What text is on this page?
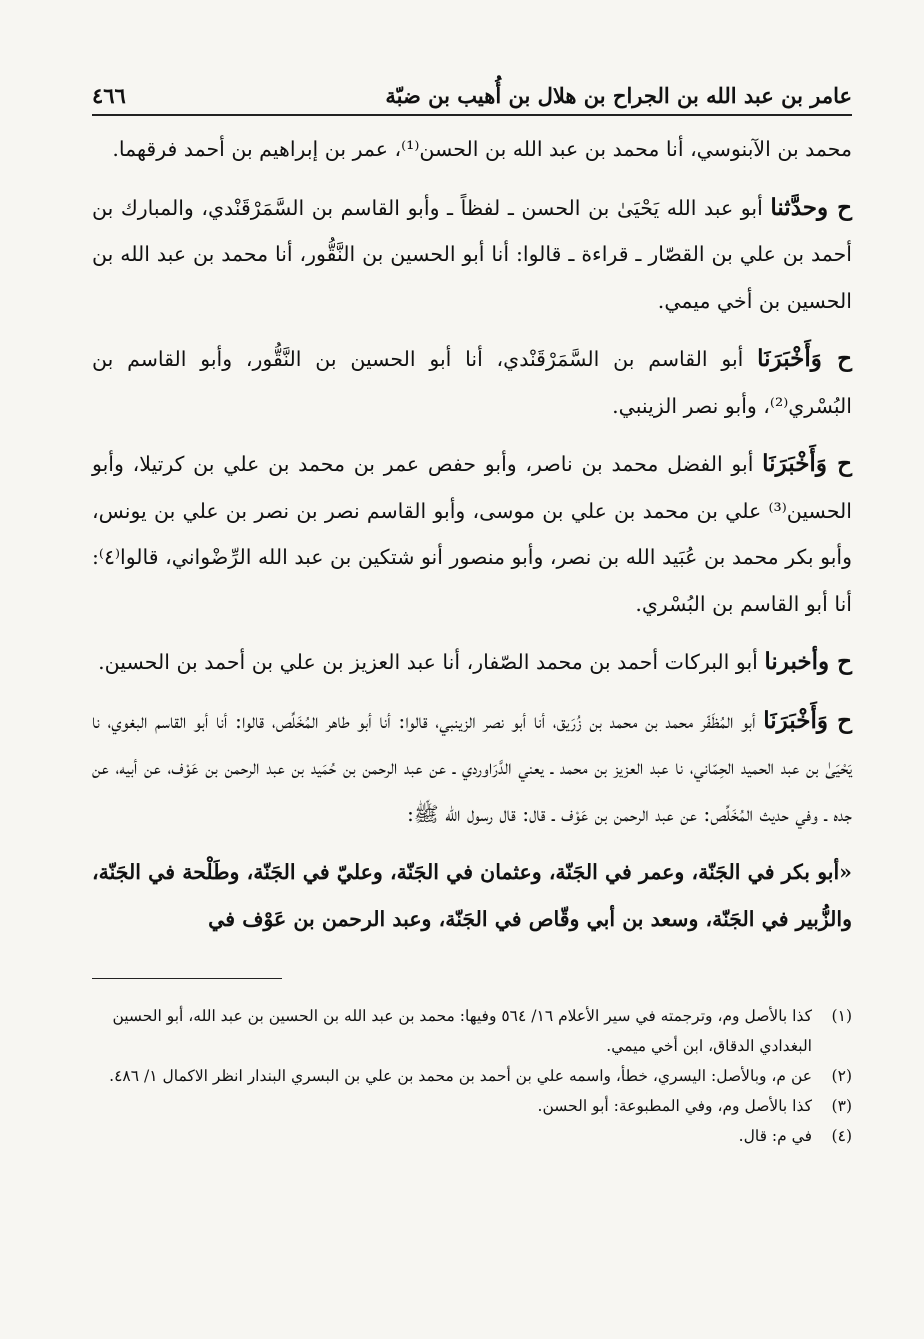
عامر بن عبد الله بن الجراح بن هلال بن أُهيب بن ضبّة
٤٦٦

محمد بن الآبنوسي، أنا محمد بن عبد الله بن الحسن⁽¹⁾، عمر بن إبراهيم بن أحمد فرقهما.

ح وحدَّثنا أبو عبد الله يَحْيَىٰ بن الحسن ـ لفظاً ـ وأبو القاسم بن السَّمَرْقَنْدي، والمبارك بن أحمد بن علي بن القصّار ـ قراءة ـ قالوا: أنا أبو الحسين بن النَّقُّور، أنا محمد بن عبد الله بن الحسين بن أخي ميمي.

ح وَأَخْبَرَنَا أبو القاسم بن السَّمَرْقَنْدي، أنا أبو الحسين بن النَّقُّور، وأبو القاسم بن البُسْري⁽²⁾، وأبو نصر الزينبي.

ح وَأَخْبَرَنَا أبو الفضل محمد بن ناصر، وأبو حفص عمر بن محمد بن علي بن كرتيلا، وأبو الحسين⁽³⁾ علي بن محمد بن علي بن موسى، وأبو القاسم نصر بن نصر بن علي بن يونس، وأبو بكر محمد بن عُبَيد الله بن نصر، وأبو منصور أنو شتكين بن عبد الله الرِّضْواني، قالوا⁽٤⁾: أنا أبو القاسم بن البُسْري.

ح وأخبرنا أبو البركات أحمد بن محمد الصّفار، أنا عبد العزيز بن علي بن أحمد بن الحسين.

ح وَأَخْبَرَنَا أبو المُظَفّر محمد بن محمد بن زُرَيق، أنا أبو نصر الزينبي، قالوا: أنا أبو طاهر المُخَلِّص، قالوا: أنا أبو القاسم البغوي، نا يَحْيَىٰ بن عبد الحميد الحِمّاني، نا عبد العزيز بن محمد ـ يعني الدَّرَاوردي ـ عن عبد الرحمن بن حُمَيد بن عبد الرحمن بن عَوْف، عن أبيه، عن جده ـ وفي حديث المُخَلِّص: عن عبد الرحمن بن عَوْف ـ قال: قال رسول الله ﷺ:

«أبو بكر في الجَنّة، وعمر في الجَنّة، وعثمان في الجَنّة، وعليّ في الجَنّة، وطَلْحة في الجَنّة، والزُّبير في الجَنّة، وسعد بن أبي وقّاص في الجَنّة، وعبد الرحمن بن عَوْف في

(١)
كذا بالأصل وم، وترجمته في سير الأعلام ١٦/ ٥٦٤ وفيها: محمد بن عبد الله بن الحسين بن عبد الله، أبو الحسين البغدادي الدقاق، ابن أخي ميمي.
(٢)
عن م، وبالأصل: اليسري، خطأ، واسمه علي بن أحمد بن محمد بن علي بن البسري البندار انظر الاكمال ١/ ٤٨٦.
(٣)
كذا بالأصل وم، وفي المطبوعة: أبو الحسن.
(٤)
في م: قال.
